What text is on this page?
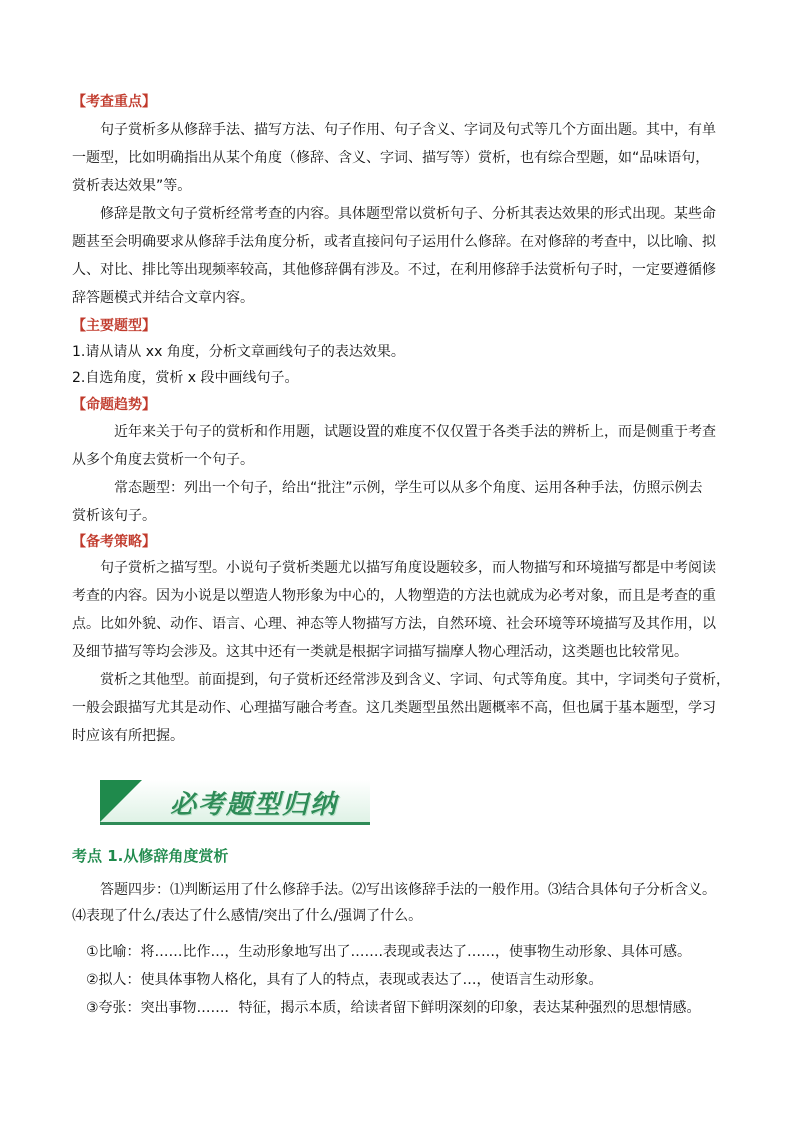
【考查重点】
句子赏析多从修辞手法、描写方法、句子作用、句子含义、字词及句式等几个方面出题。其中，有单
一题型，比如明确指出从某个角度（修辞、含义、字词、描写等）赏析，也有综合型题，如“品味语句，
赏析表达效果”等。
修辞是散文句子赏析经常考查的内容。具体题型常以赏析句子、分析其表达效果的形式出现。某些命
题甚至会明确要求从修辞手法角度分析，或者直接问句子运用什么修辞。在对修辞的考查中，以比喻、拟
人、对比、排比等出现频率较高，其他修辞偶有涉及。不过，在利用修辞手法赏析句子时，一定要遵循修
辞答题模式并结合文章内容。
【主要题型】
1.请从请从 xx 角度，分析文章画线句子的表达效果。
2.自选角度，赏析 x 段中画线句子。
【命题趋势】
近年来关于句子的赏析和作用题，试题设置的难度不仅仅置于各类手法的辨析上，而是侧重于考查
从多个角度去赏析一个句子。
常态题型：列出一个句子，给出“批注”示例，学生可以从多个角度、运用各种手法，仿照示例去
赏析该句子。
【备考策略】
句子赏析之描写型。小说句子赏析类题尤以描写角度设题较多，而人物描写和环境描写都是中考阅读
考查的内容。因为小说是以塑造人物形象为中心的，人物塑造的方法也就成为必考对象，而且是考查的重
点。比如外貌、动作、语言、心理、神态等人物描写方法，自然环境、社会环境等环境描写及其作用，以
及细节描写等均会涉及。这其中还有一类就是根据字词描写揣摩人物心理活动，这类题也比较常见。
赏析之其他型。前面提到，句子赏析还经常涉及到含义、字词、句式等角度。其中，字词类句子赏析，
一般会跟描写尤其是动作、心理描写融合考查。这几类题型虽然出题概率不高，但也属于基本题型，学习
时应该有所把握。
必考题型归纳
考点 1.从修辞角度赏析
答题四步：⑴判断运用了什么修辞手法。⑵写出该修辞手法的一般作用。⑶结合具体句子分析含义。
⑷表现了什么/表达了什么感情/突出了什么/强调了什么。
①比喻：将……比作…，生动形象地写出了…….表现或表达了……，使事物生动形象、具体可感。
②拟人：使具体事物人格化，具有了人的特点，表现或表达了…，使语言生动形象。
③夸张：突出事物……．特征，揭示本质，给读者留下鲜明深刻的印象，表达某种强烈的思想情感。
